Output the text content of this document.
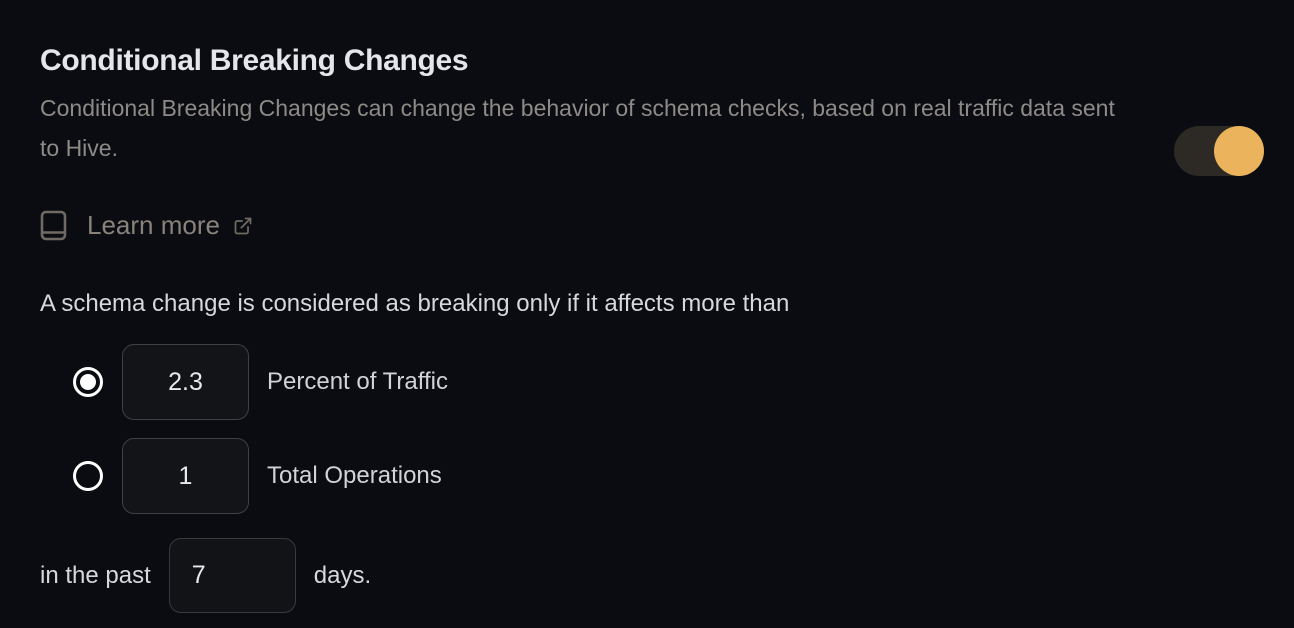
Conditional Breaking Changes

Conditional Breaking Changes can change the behavior of schema checks, based on real traffic data sent to Hive.

Learn more

A schema change is considered as breaking only if it affects more than

2.3
Percent of Traffic
1
Total Operations
in the past
7	days.
